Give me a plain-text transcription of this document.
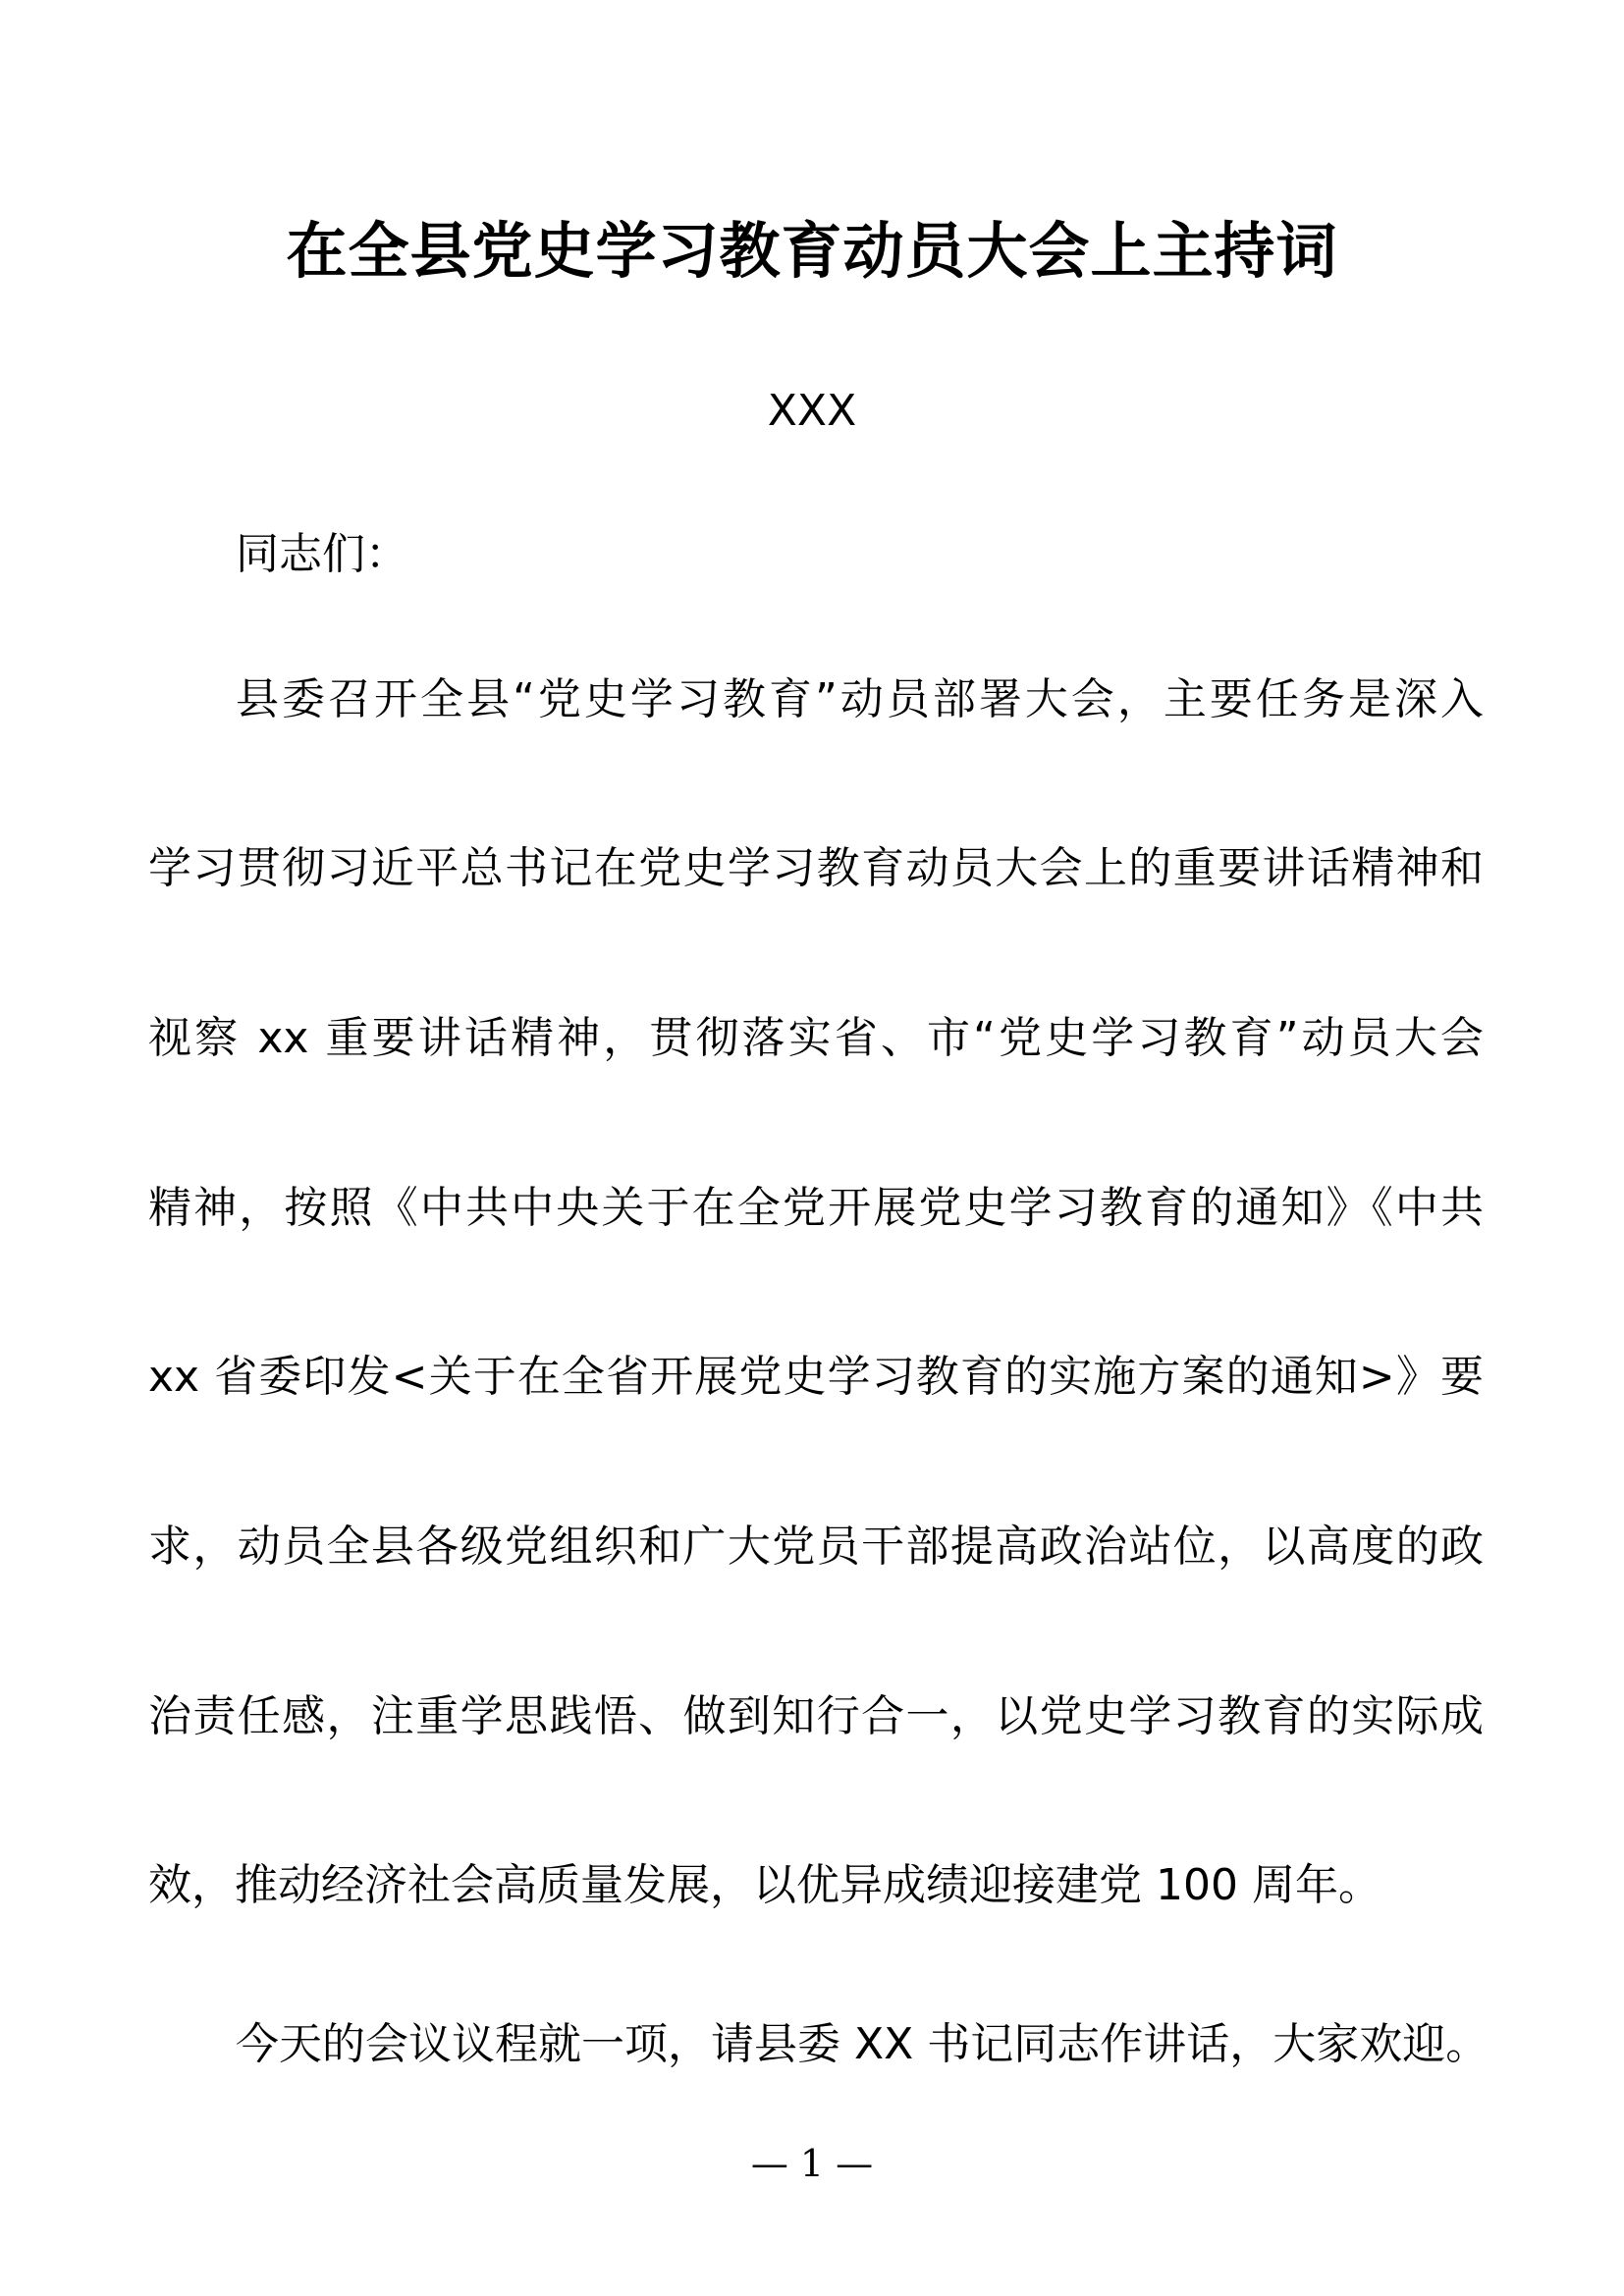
在全县党史学习教育动员大会上主持词
XXX
同志们：
县委召开全县“党史学习教育”动员部署大会，主要任务是深入
学习贯彻习近平总书记在党史学习教育动员大会上的重要讲话精神和
视察 xx 重要讲话精神，贯彻落实省、市“党史学习教育”动员大会
精神，按照《中共中央关于在全党开展党史学习教育的通知》《中共
xx 省委印发<关于在全省开展党史学习教育的实施方案的通知>》要
求，动员全县各级党组织和广大党员干部提高政治站位，以高度的政
治责任感，注重学思践悟、做到知行合一，以党史学习教育的实际成
效，推动经济社会高质量发展，以优异成绩迎接建党 100 周年。
今天的会议议程就一项，请县委 XX 书记同志作讲话，大家欢迎。
— 1 —
